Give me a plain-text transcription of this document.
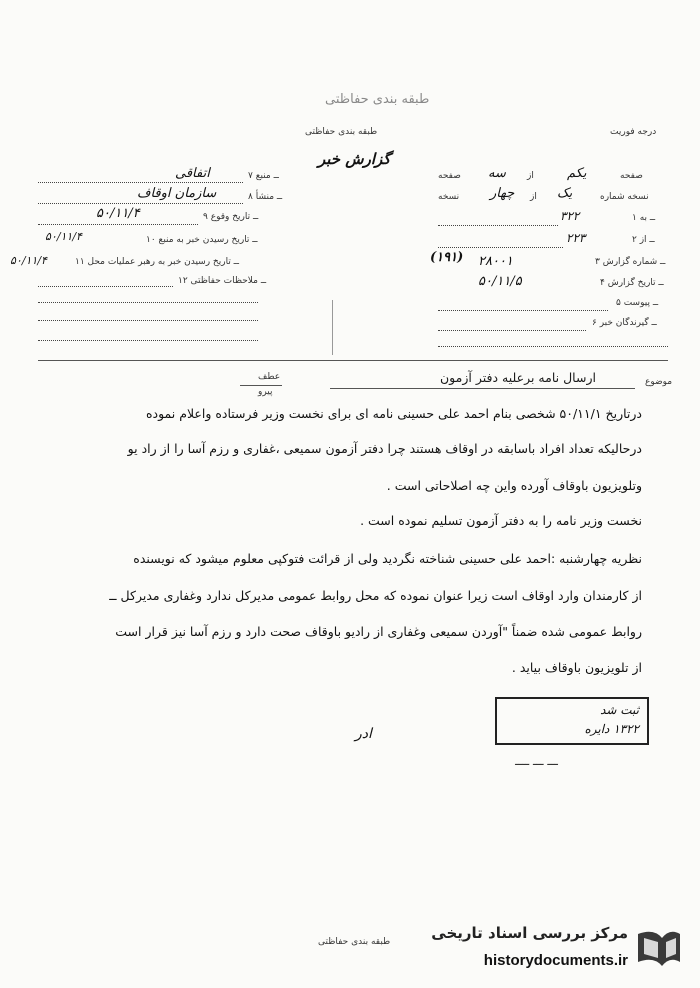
طبقه بندی حفاظتی
طبقه بندی حفاظتی	درجه فوریت
گزارش خبر
صفحه سه از	یکم	صفحه
نسخه چهار از یک	نسخه شماره
۳۲۲	۱ ــ به
۲۲۳	۲ ــ از
(۱۹۱) ۲۸۰۰۱	۳ ــ شماره گزارش
۵۰/۱۱/۵	۴ ــ تاریخ گزارش
۵ ــ پیوست
۶ ــ گیرندگان خبر
اتفاقی	۷ ــ منبع
سازمان اوقاف	۸ ــ منشأ
۵۰/۱۱/۴	۹ ــ تاریخ وقوع
۵۰/۱۱/۴	۱۰ ــ تاریخ رسیدن خبر به منبع
۵۰/۱۱/۴	۱۱ ــ تاریخ رسیدن خبر به رهبر عملیات محل
۱۲ ــ ملاحظات حفاظتی
عطف
پیرو
موضوع
ارسال نامه برعلیه دفتر آزمون
درتاریخ ۵۰/۱۱/۱ شخصی بنام احمد علی حسینی نامه ای برای نخست وزیر فرستاده واعلام نموده
درحالیکه تعداد افراد باسابقه در اوقاف هستند چرا دفتر آزمون سمیعی ،غفاری و رزم آسا را از راد یو
وتلویزیون باوقاف آورده واین چه اصلاحاتی است .
نخست وزیر نامه را به دفتر آزمون تسلیم نموده است .
نظریه چهارشنبه :احمد علی حسینی شناخته نگردید ولی از قرائت فتوکپی معلوم میشود که نویسنده
از کارمندان وارد اوقاف است زیرا عنوان نموده که محل روابط عمومی مدیرکل ندارد وغفاری مدیرکل ــ
روابط عمومی شده ضمناً "آوردن سمیعی وغفاری از رادیو باوقاف صحت دارد و رزم آسا نیز قرار است
از تلویزیون باوقاف بیاید .
ثبت شد
۱۳۲۲ دایره
ـــ ـــ ــــ
ادر
طبقه بندی حفاظتی	مرکز بررسی اسناد تاریخی
historydocuments.ir
